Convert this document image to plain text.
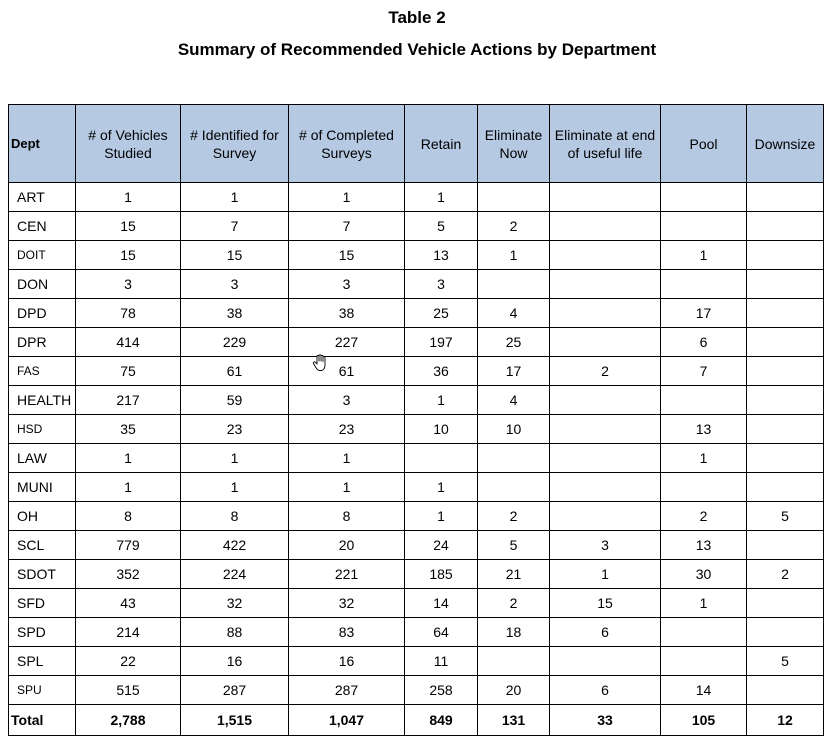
Table 2
Summary of Recommended Vehicle Actions by Department
Dept	# of Vehicles Studied	# Identified for Survey	# of Completed Surveys	Retain	Eliminate Now	Eliminate at end of useful life	Pool	Downsize
ART	1	1	1	1				
CEN	15	7	7	5	2			
DOIT	15	15	15	13	1		1	
DON	3	3	3	3				
DPD	78	38	38	25	4		17	
DPR	414	229	227	197	25		6	
FAS	75	61	61	36	17	2	7	
HEALTH	217	59	3	1	4			
HSD	35	23	23	10	10		13	
LAW	1	1	1				1	
MUNI	1	1	1	1				
OH	8	8	8	1	2		2	5
SCL	779	422	20	24	5	3	13	
SDOT	352	224	221	185	21	1	30	2
SFD	43	32	32	14	2	15	1	
SPD	214	88	83	64	18	6		
SPL	22	16	16	11				5
SPU	515	287	287	258	20	6	14	
Total	2,788	1,515	1,047	849	131	33	105	12
